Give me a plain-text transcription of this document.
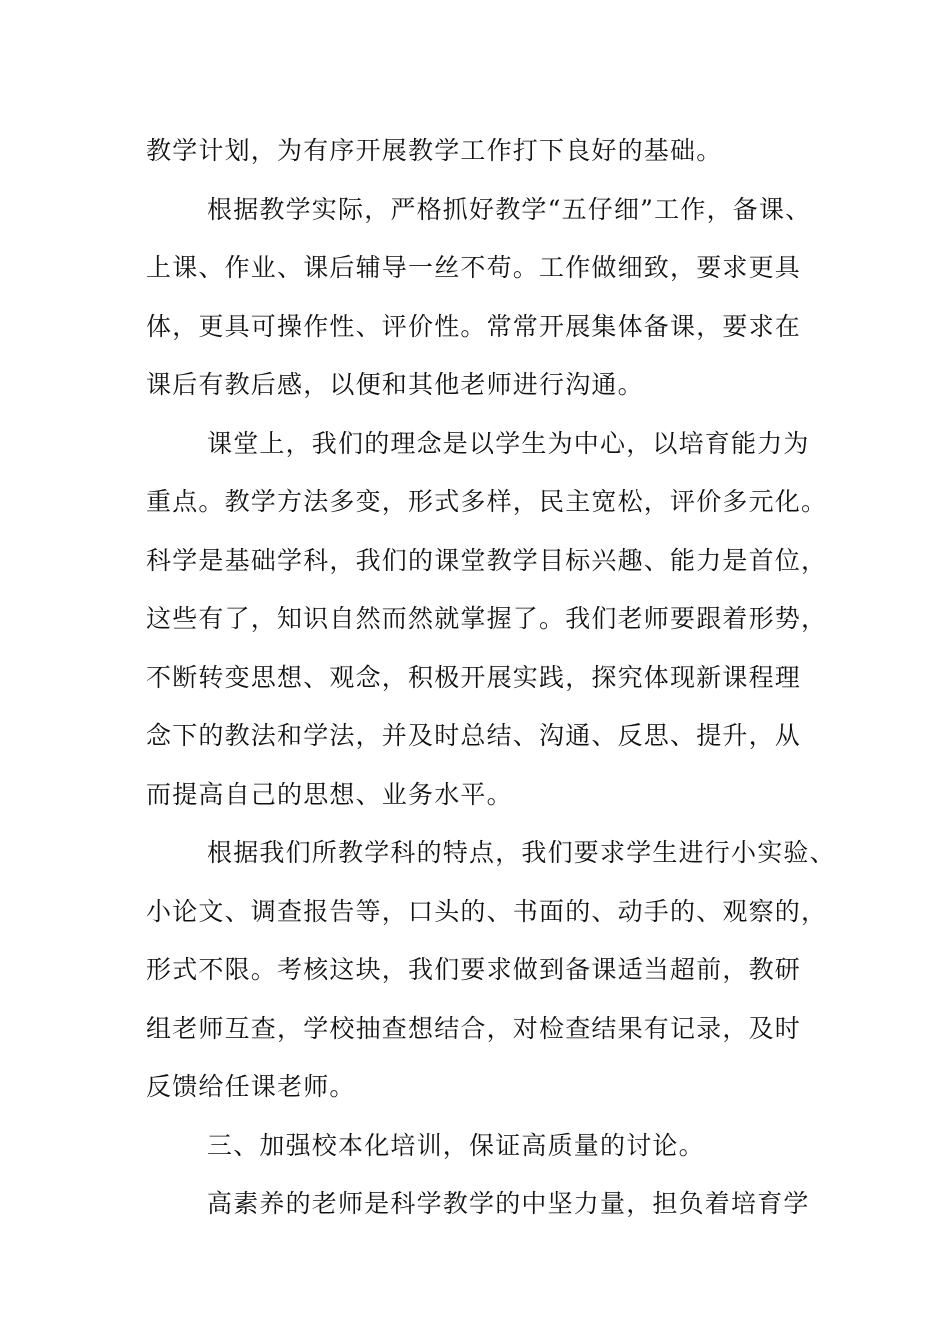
教学计划，为有序开展教学工作打下良好的基础。
根据教学实际，严格抓好教学“五仔细”工作，备课、
上课、作业、课后辅导一丝不苟。工作做细致，要求更具
体，更具可操作性、评价性。常常开展集体备课，要求在
课后有教后感，以便和其他老师进行沟通。
课堂上，我们的理念是以学生为中心，以培育能力为
重点。教学方法多变，形式多样，民主宽松，评价多元化。
科学是基础学科，我们的课堂教学目标兴趣、能力是首位，
这些有了，知识自然而然就掌握了。我们老师要跟着形势，
不断转变思想、观念，积极开展实践，探究体现新课程理
念下的教法和学法，并及时总结、沟通、反思、提升，从
而提高自己的思想、业务水平。
根据我们所教学科的特点，我们要求学生进行小实验、
小论文、调查报告等，口头的、书面的、动手的、观察的，
形式不限。考核这块，我们要求做到备课适当超前，教研
组老师互查，学校抽查想结合，对检查结果有记录，及时
反馈给任课老师。
三、加强校本化培训，保证高质量的讨论。
高素养的老师是科学教学的中坚力量，担负着培育学
